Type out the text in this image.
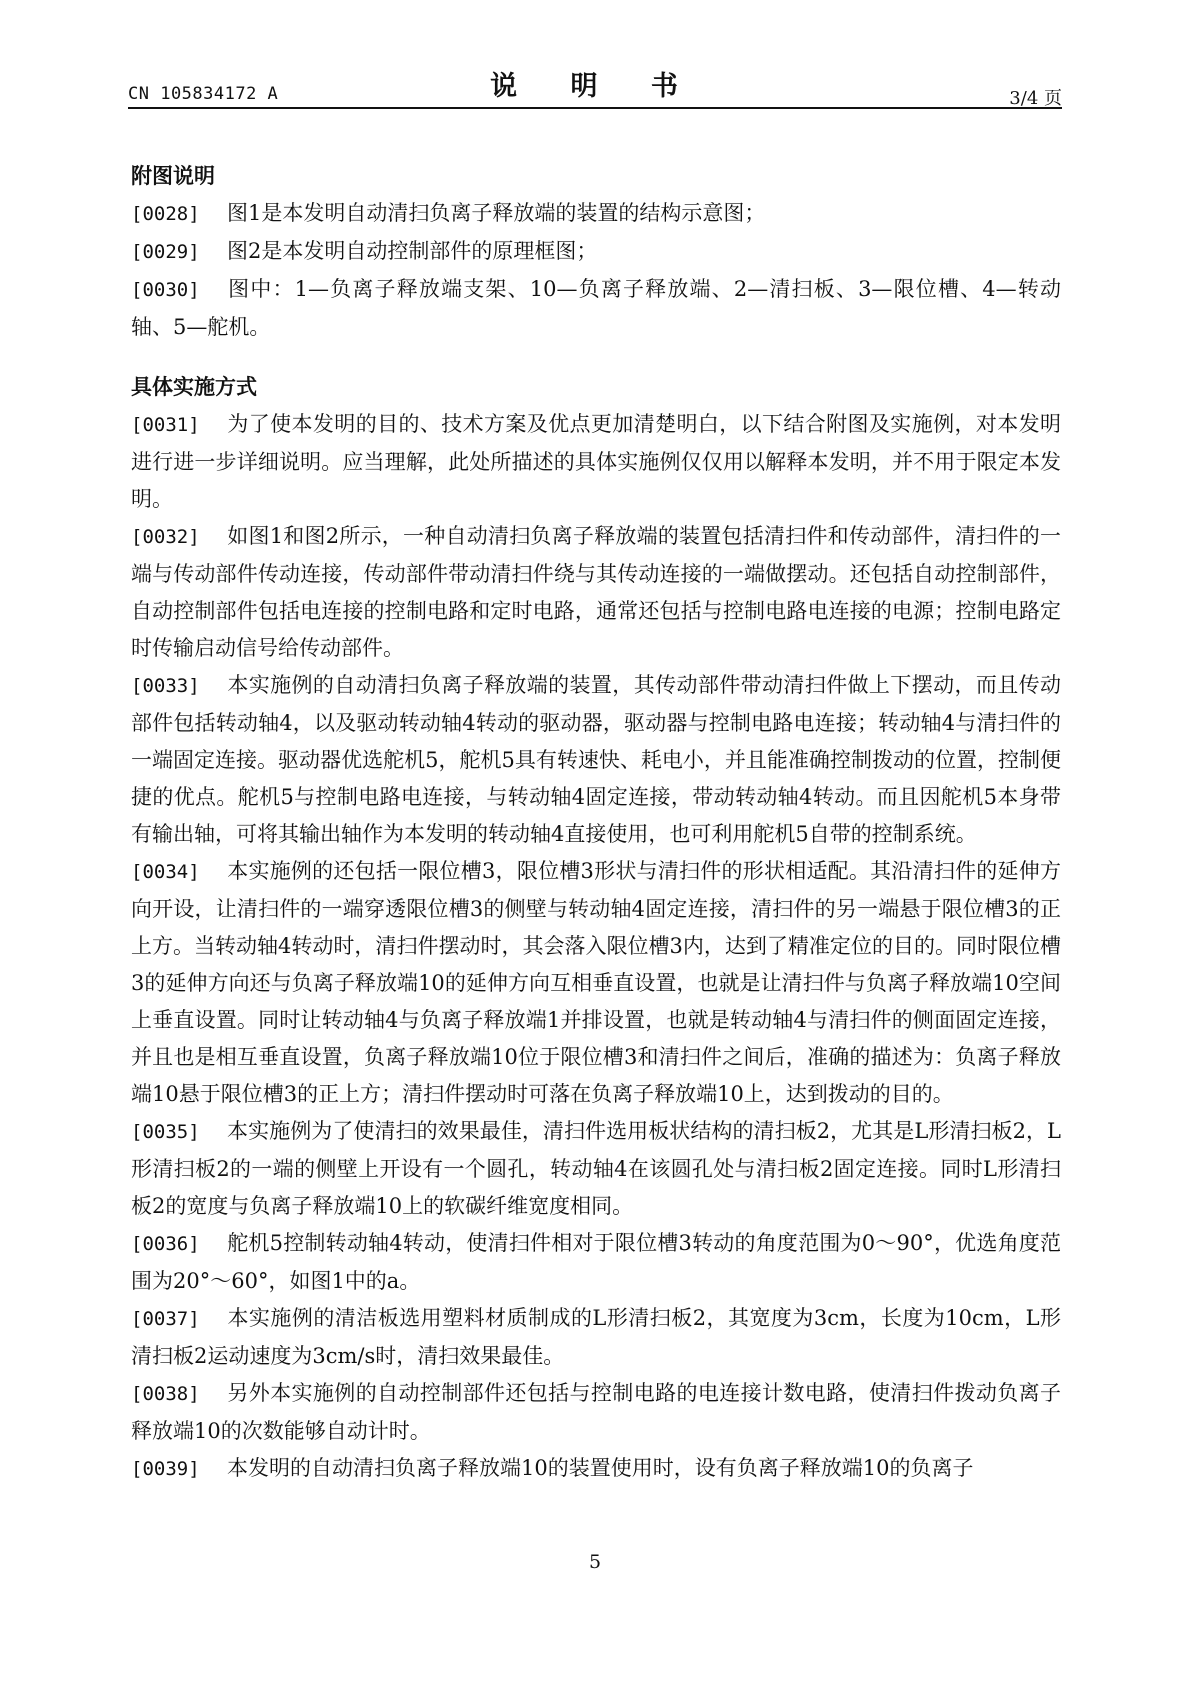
CN 105834172 A	说 明 书	3/4 页
附图说明

[0028] 图1是本发明自动清扫负离子释放端的装置的结构示意图；

[0029] 图2是本发明自动控制部件的原理框图；

[0030] 图中：1—负离子释放端支架、10—负离子释放端、2—清扫板、3—限位槽、4—转动轴、5—舵机。

具体实施方式

[0031] 为了使本发明的目的、技术方案及优点更加清楚明白，以下结合附图及实施例，对本发明进行进一步详细说明。应当理解，此处所描述的具体实施例仅仅用以解释本发明，并不用于限定本发明。

[0032] 如图1和图2所示，一种自动清扫负离子释放端的装置包括清扫件和传动部件，清扫件的一端与传动部件传动连接，传动部件带动清扫件绕与其传动连接的一端做摆动。还包括自动控制部件，自动控制部件包括电连接的控制电路和定时电路，通常还包括与控制电路电连接的电源；控制电路定时传输启动信号给传动部件。

[0033] 本实施例的自动清扫负离子释放端的装置，其传动部件带动清扫件做上下摆动，而且传动部件包括转动轴4，以及驱动转动轴4转动的驱动器，驱动器与控制电路电连接；转动轴4与清扫件的一端固定连接。驱动器优选舵机5，舵机5具有转速快、耗电小，并且能准确控制拨动的位置，控制便捷的优点。舵机5与控制电路电连接，与转动轴4固定连接，带动转动轴4转动。而且因舵机5本身带有输出轴，可将其输出轴作为本发明的转动轴4直接使用，也可利用舵机5自带的控制系统。

[0034] 本实施例的还包括一限位槽3，限位槽3形状与清扫件的形状相适配。其沿清扫件的延伸方向开设，让清扫件的一端穿透限位槽3的侧壁与转动轴4固定连接，清扫件的另一端悬于限位槽3的正上方。当转动轴4转动时，清扫件摆动时，其会落入限位槽3内，达到了精准定位的目的。同时限位槽3的延伸方向还与负离子释放端10的延伸方向互相垂直设置，也就是让清扫件与负离子释放端10空间上垂直设置。同时让转动轴4与负离子释放端1并排设置，也就是转动轴4与清扫件的侧面固定连接，并且也是相互垂直设置，负离子释放端10位于限位槽3和清扫件之间后，准确的描述为：负离子释放端10悬于限位槽3的正上方；清扫件摆动时可落在负离子释放端10上，达到拨动的目的。

[0035] 本实施例为了使清扫的效果最佳，清扫件选用板状结构的清扫板2，尤其是L形清扫板2，L形清扫板2的一端的侧壁上开设有一个圆孔，转动轴4在该圆孔处与清扫板2固定连接。同时L形清扫板2的宽度与负离子释放端10上的软碳纤维宽度相同。

[0036] 舵机5控制转动轴4转动，使清扫件相对于限位槽3转动的角度范围为0～90°，优选角度范围为20°～60°，如图1中的a。

[0037] 本实施例的清洁板选用塑料材质制成的L形清扫板2，其宽度为3cm，长度为10cm，L形清扫板2运动速度为3cm/s时，清扫效果最佳。

[0038] 另外本实施例的自动控制部件还包括与控制电路的电连接计数电路，使清扫件拨动负离子释放端10的次数能够自动计时。

[0039] 本发明的自动清扫负离子释放端10的装置使用时，设有负离子释放端10的负离子

5
